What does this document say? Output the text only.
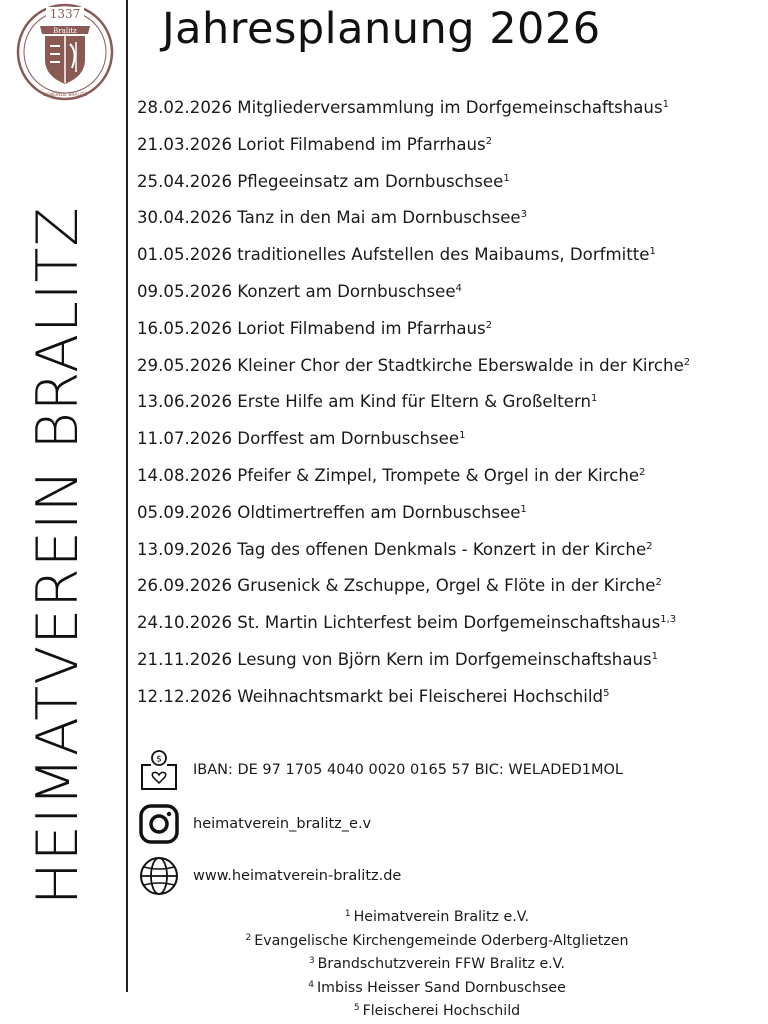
1337
Bralitz
GEMEINDE BRALITZ
HEIMATVEREIN BRALITZ
Jahresplanung 2026
28.02.2026 Mitgliederversammlung im Dorfgemeinschaftshaus$^1$
21.03.2026 Loriot Filmabend im Pfarrhaus$^2$
25.04.2026 Pflegeeinsatz am Dornbuschsee$^1$
30.04.2026 Tanz in den Mai am Dornbuschsee$^3$
01.05.2026 traditionelles Aufstellen des Maibaums, Dorfmitte$^1$
09.05.2026 Konzert am Dornbuschsee$^4$
16.05.2026 Loriot Filmabend im Pfarrhaus$^2$
29.05.2026 Kleiner Chor der Stadtkirche Eberswalde in der Kirche$^2$
13.06.2026 Erste Hilfe am Kind für Eltern & Großeltern$^1$
11.07.2026 Dorffest am Dornbuschsee$^1$
14.08.2026 Pfeifer & Zimpel, Trompete & Orgel in der Kirche$^2$
05.09.2026 Oldtimertreffen am Dornbuschsee$^1$
13.09.2026 Tag des offenen Denkmals - Konzert in der Kirche$^2$
26.09.2026 Grusenick & Zschuppe, Orgel & Flöte in der Kirche$^2$
24.10.2026 St. Martin Lichterfest beim Dorfgemeinschaftshaus$^{1,3}$
21.11.2026 Lesung von Björn Kern im Dorfgemeinschaftshaus$^1$
12.12.2026 Weihnachtsmarkt bei Fleischerei Hochschild$^5$
$
IBAN: DE 97 1705 4040 0020 0165 57 BIC: WELADED1MOL
heimatverein_bralitz_e.v
www.heimatverein-bralitz.de
$^1$ Heimatverein Bralitz e.V.
$^2$ Evangelische Kirchengemeinde Oderberg-Altglietzen
$^3$ Brandschutzverein FFW Bralitz e.V.
$^4$ Imbiss Heisser Sand Dornbuschsee
$^5$ Fleischerei Hochschild
